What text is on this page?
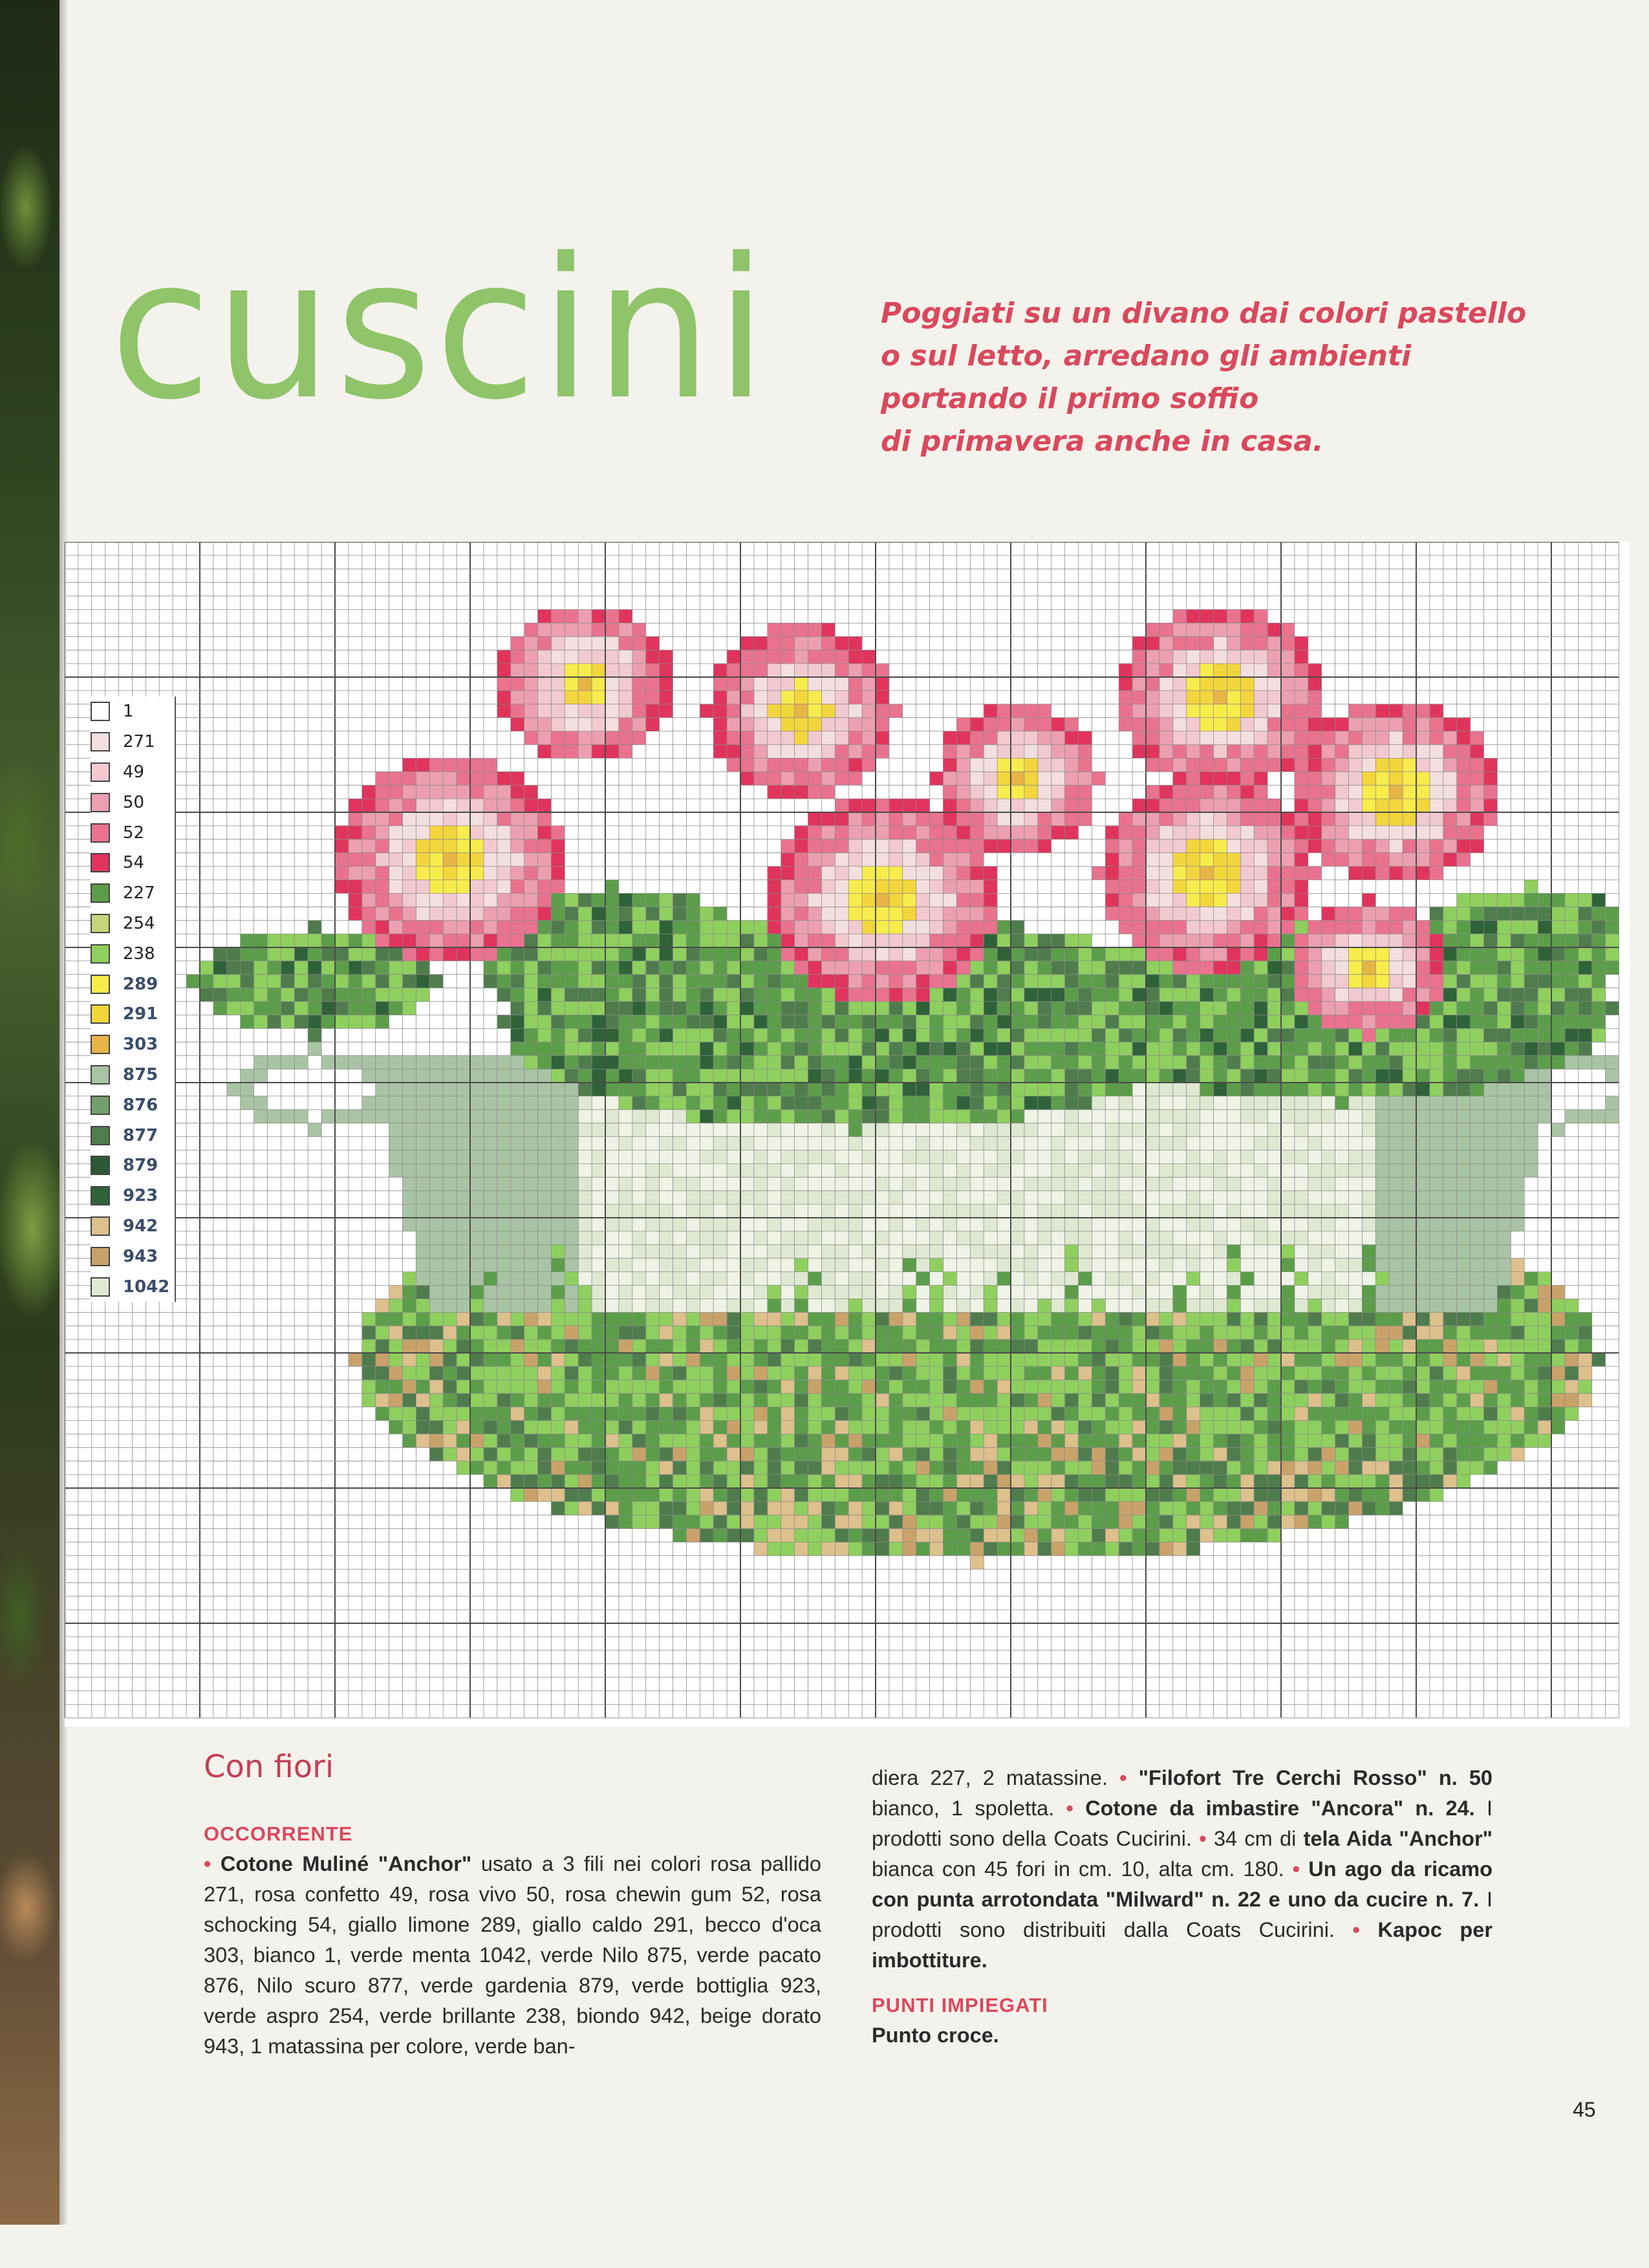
cuscini	Poggiati su un divano dai colori pastello
o sul letto, arredano gli ambienti
portando il primo soffio
di primavera anche in casa.
1
271
49
50
52
54
227
254
238
289
291
303
875
876
877
879
923
942
943
1042
Con fiori
OCCORRENTE
• Cotone Muliné "Anchor" usato a 3 fili nei colori rosa pallido 271, rosa confetto 49, rosa vivo 50, rosa chewin gum 52, rosa schocking 54, giallo limone 289, giallo caldo 291, becco d'oca 303, bianco 1, verde menta 1042, verde Nilo 875, verde pacato 876, Nilo scuro 877, verde gardenia 879, verde bottiglia 923, verde aspro 254, verde brillante 238, biondo 942, beige dorato 943, 1 matassina per colore, verde ban-
diera 227, 2 matassine. • "Filofort Tre Cerchi Rosso" n. 50 bianco, 1 spoletta. • Cotone da imbastire "Ancora" n. 24. I prodotti sono della Coats Cucirini. • 34 cm di tela Aida "Anchor" bianca con 45 fori in cm. 10, alta cm. 180. • Un ago da ricamo con punta arrotondata "Milward" n. 22 e uno da cucire n. 7. I prodotti sono distribuiti dalla Coats Cucirini. • Kapoc per imbottiture.
PUNTI IMPIEGATI
Punto croce.
45
